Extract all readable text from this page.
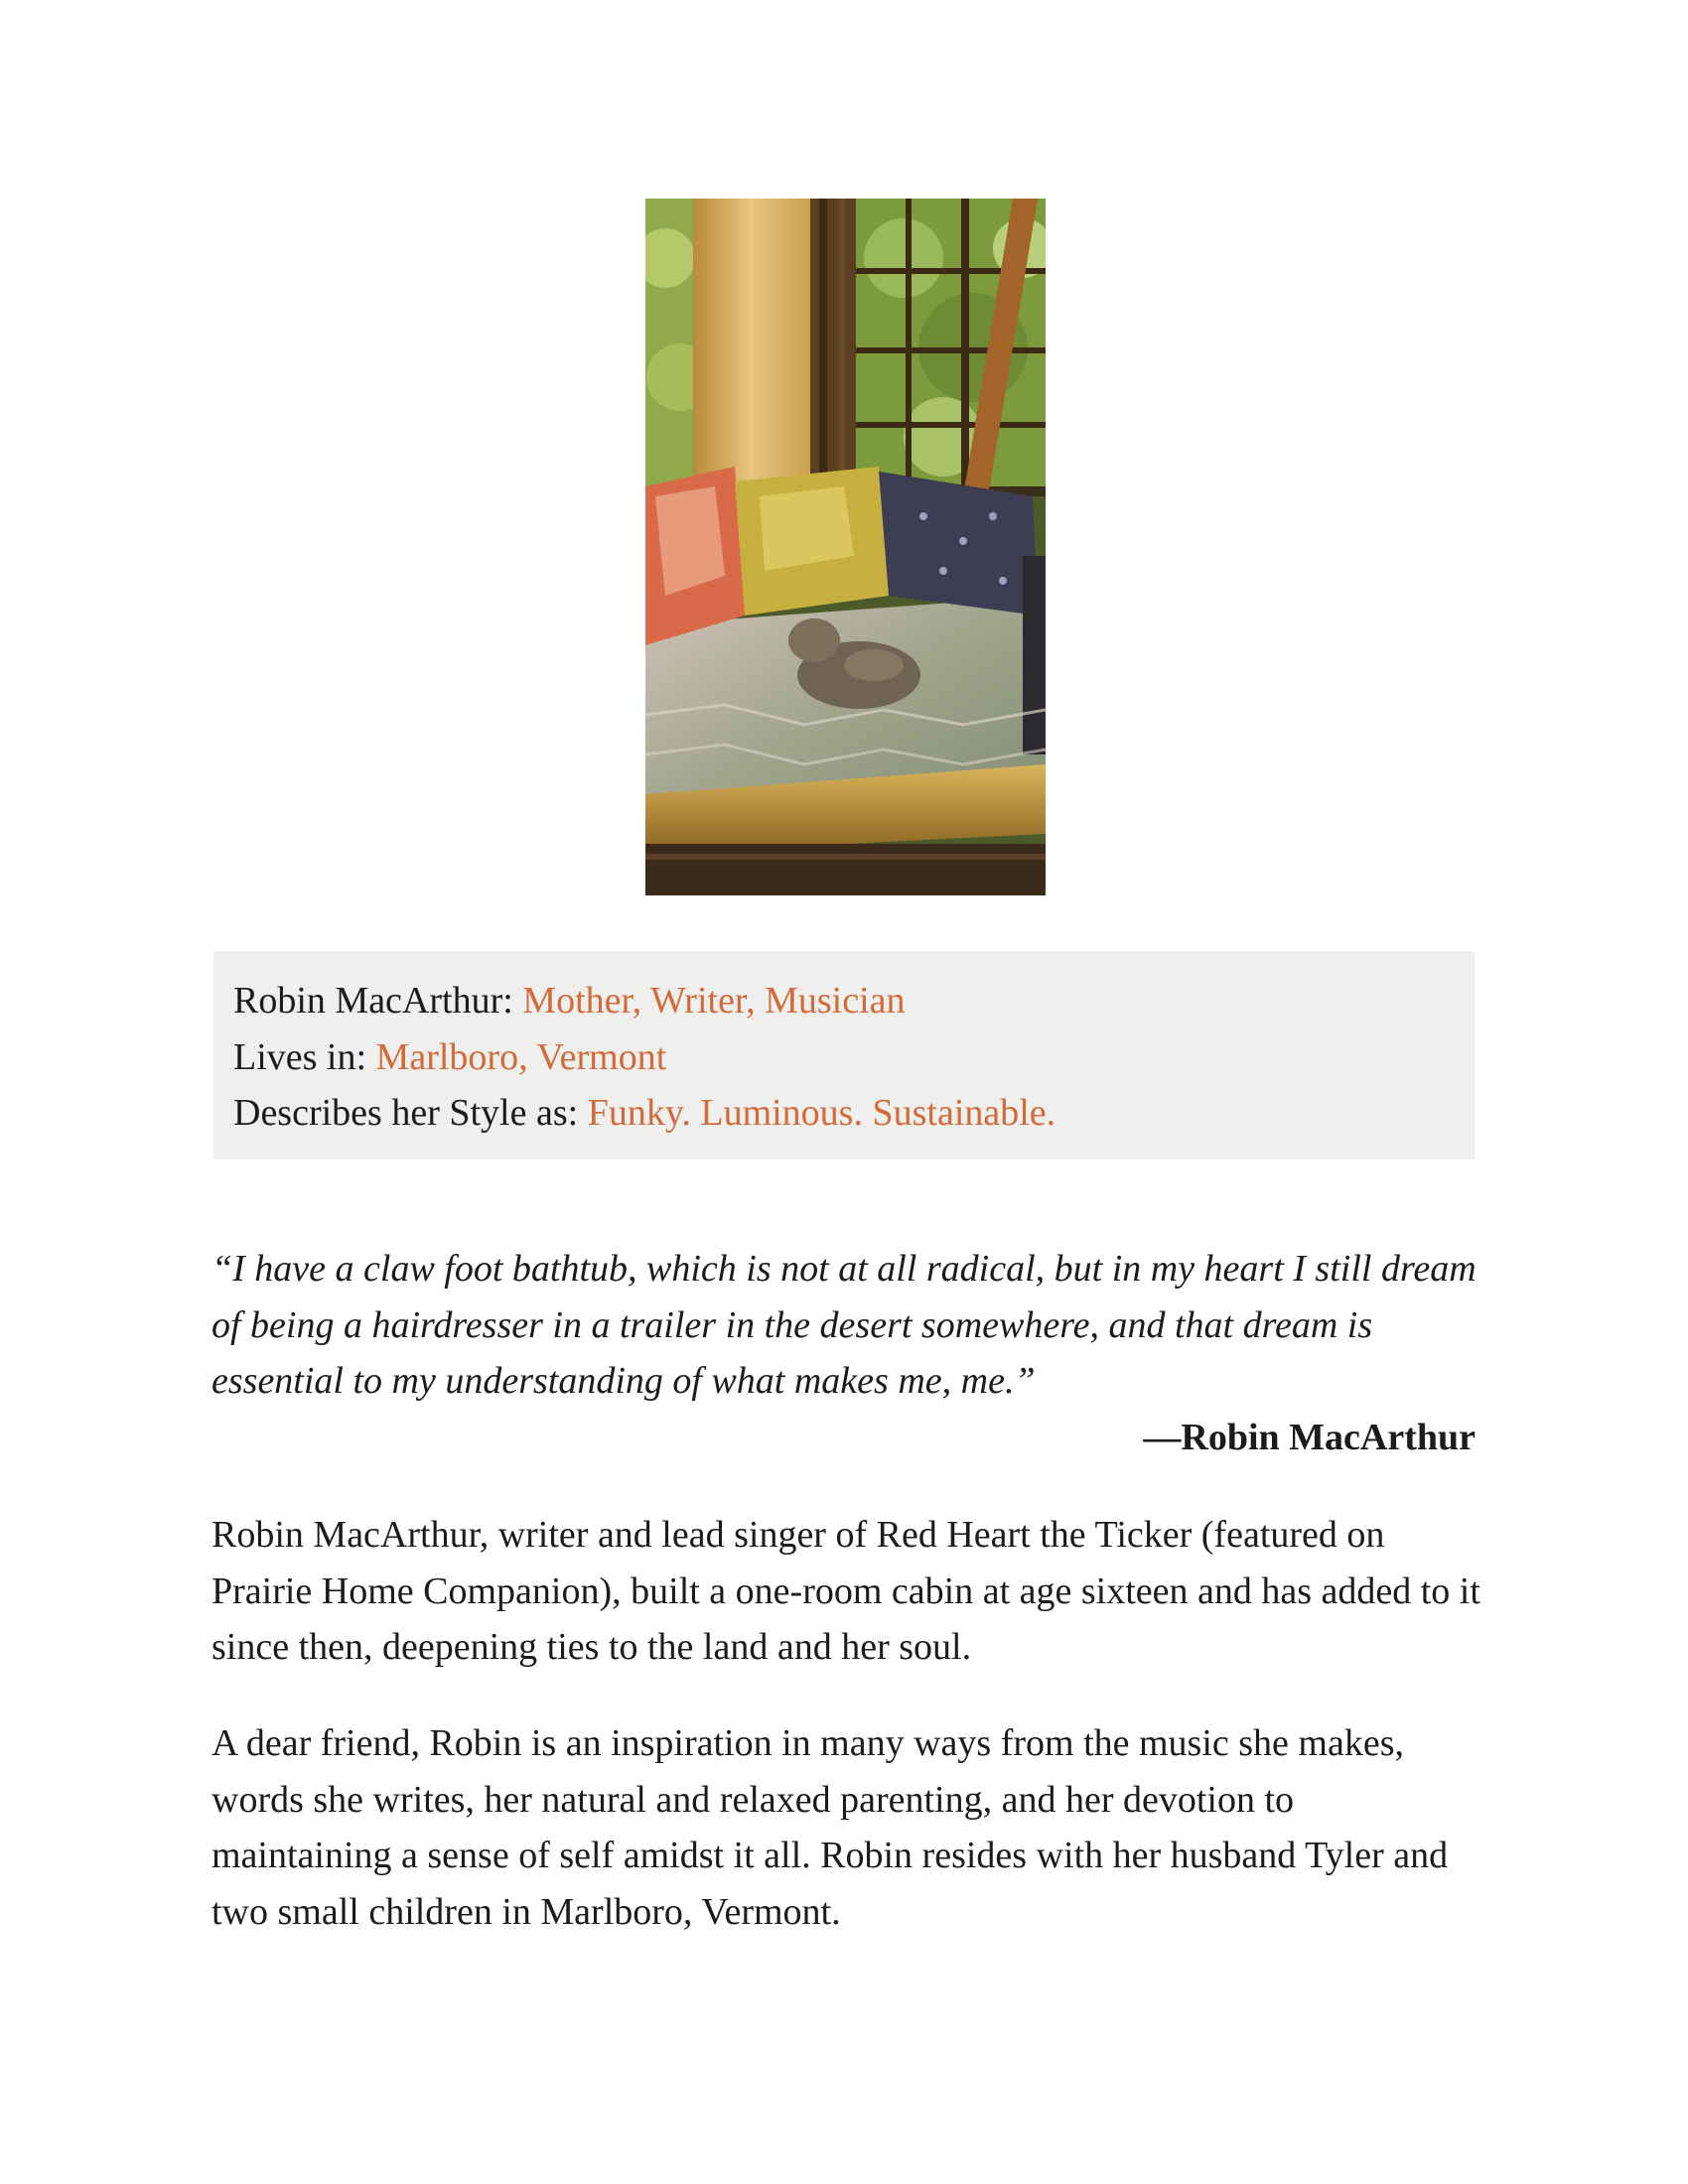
Robin MacArthur: Mother, Writer, Musician
Lives in: Marlboro, Vermont
Describes her Style as: Funky. Luminous. Sustainable.

“I have a claw foot bathtub, which is not at all radical, but in my heart I still dream of being a hairdresser in a trailer in the desert somewhere, and that dream is essential to my understanding of what makes me, me.”

—Robin MacArthur

Robin MacArthur, writer and lead singer of Red Heart the Ticker (featured on Prairie Home Companion), built a one-room cabin at age sixteen and has added to it since then, deepening ties to the land and her soul.

A dear friend, Robin is an inspiration in many ways from the music she makes, words she writes, her natural and relaxed parenting, and her devotion to maintaining a sense of self amidst it all. Robin resides with her husband Tyler and two small children in Marlboro, Vermont.
